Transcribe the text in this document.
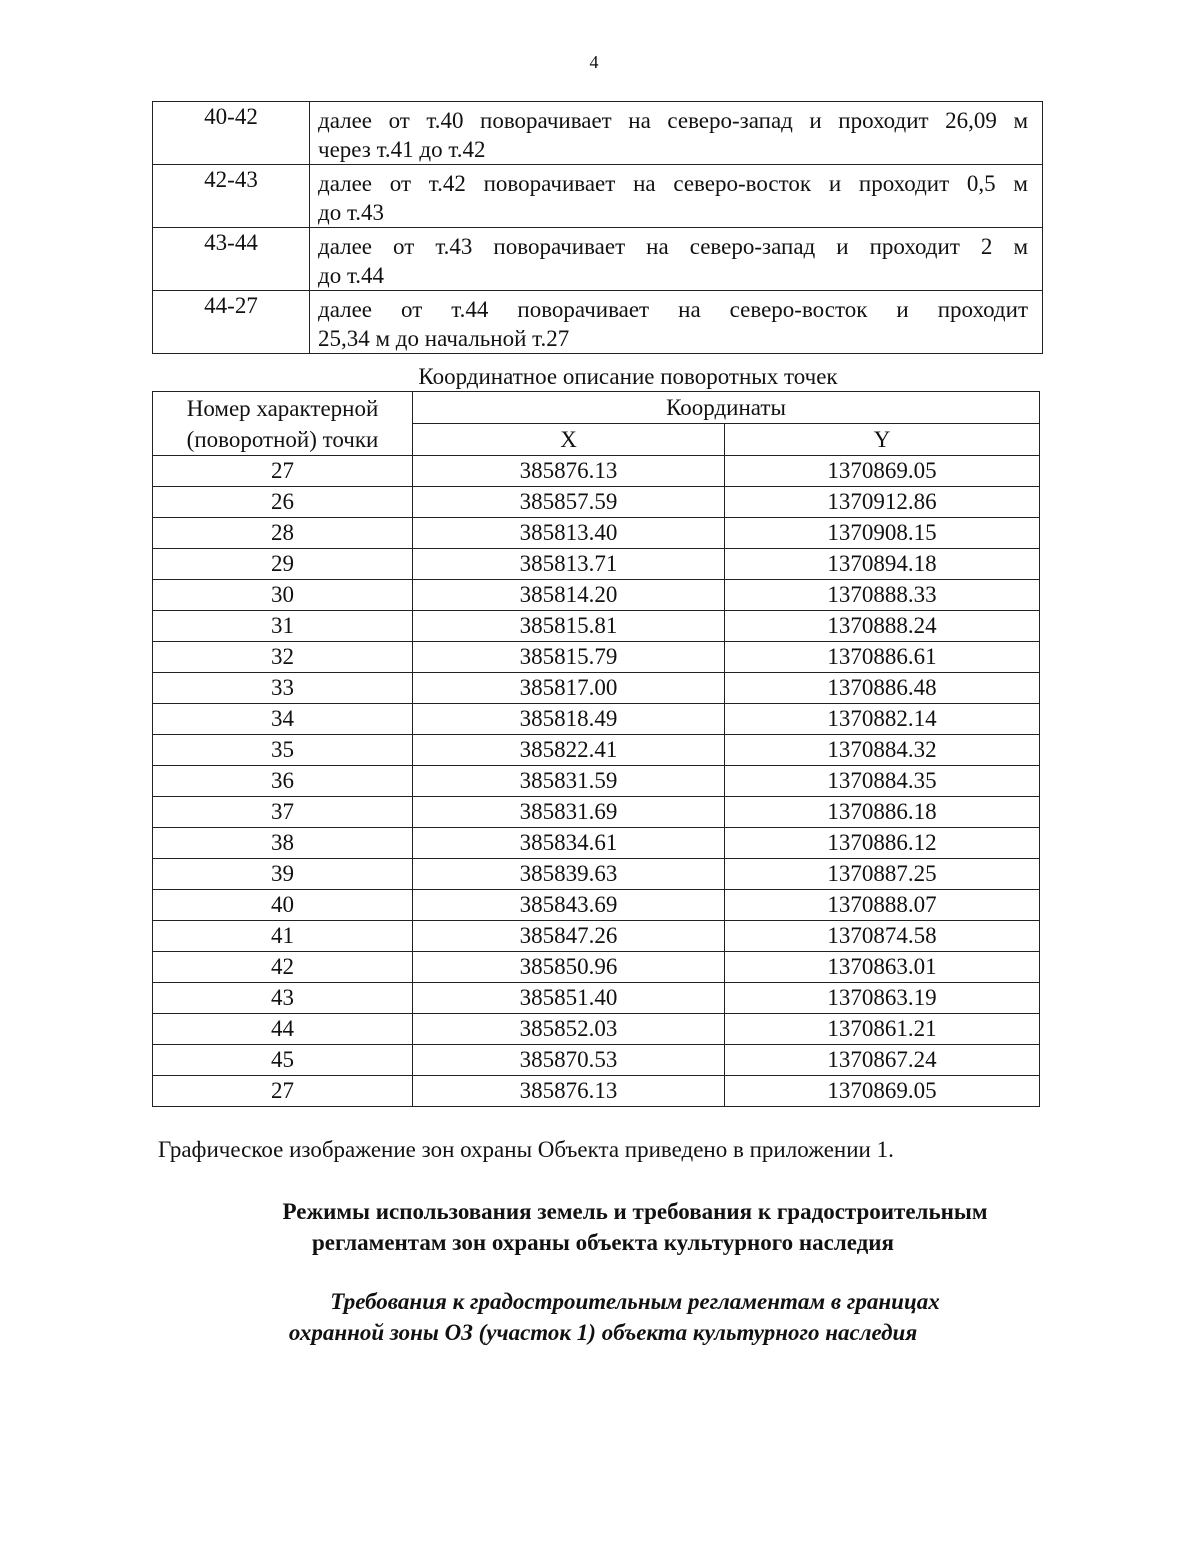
4
40-42	далее от т.40 поворачивает на северо-запад и проходит 26,09 м
через т.41 до т.42

42-43	далее от т.42 поворачивает на северо-восток и проходит 0,5 м
до т.43

43-44	далее от т.43 поворачивает на северо-запад и проходит 2 м
до т.44

44-27	далее от т.44 поворачивает на северо-восток и проходит
25,34 м до начальной т.27
Координатное описание поворотных точек
Номер характерной (поворотной) точки	Координаты	
	X	Y
27	385876.13	1370869.05
26	385857.59	1370912.86
28	385813.40	1370908.15
29	385813.71	1370894.18
30	385814.20	1370888.33
31	385815.81	1370888.24
32	385815.79	1370886.61
33	385817.00	1370886.48
34	385818.49	1370882.14
35	385822.41	1370884.32
36	385831.59	1370884.35
37	385831.69	1370886.18
38	385834.61	1370886.12
39	385839.63	1370887.25
40	385843.69	1370888.07
41	385847.26	1370874.58
42	385850.96	1370863.01
43	385851.40	1370863.19
44	385852.03	1370861.21
45	385870.53	1370867.24
27	385876.13	1370869.05
Графическое изображение зон охраны Объекта приведено в приложении 1.
Режимы использования земель и требования к градостроительным
регламентам зон охраны объекта культурного наследия
Требования к градостроительным регламентам в границах
охранной зоны ОЗ (участок 1) объекта культурного наследия
